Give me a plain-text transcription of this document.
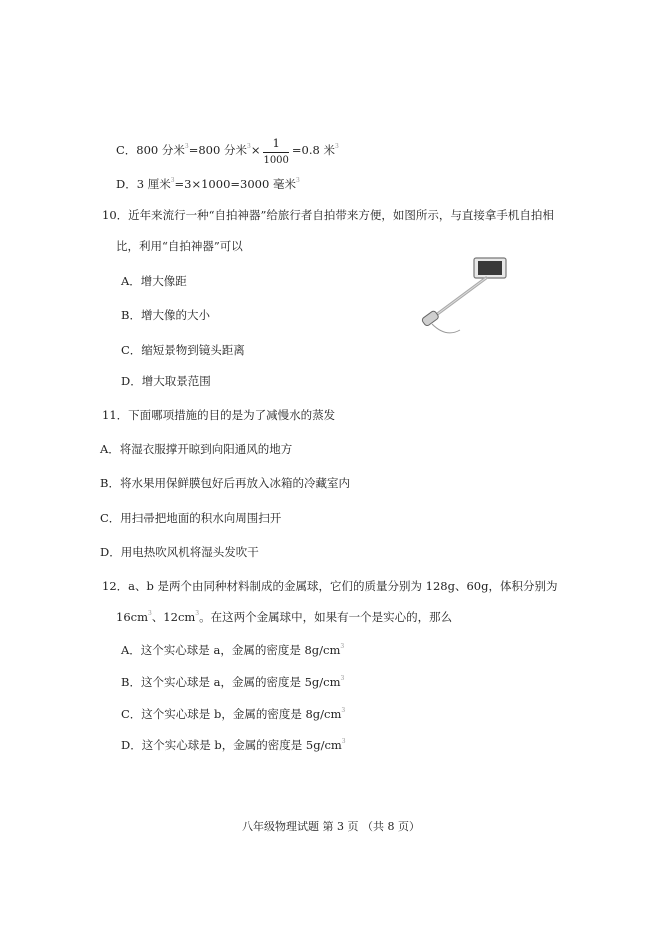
C．800 分米$^3$=800 分米$^3\times \frac{1}{1000} =0.8$ 米$^3$
D．3 厘米$^3$=3×1000=3000 毫米$^3$
10．近年来流行一种“自拍神器”给旅行者自拍带来方便，如图所示，与直接拿手机自拍相
比，利用“自拍神器”可以
A．增大像距
B．增大像的大小
C．缩短景物到镜头距离
D．增大取景范围
11．下面哪项措施的目的是为了减慢水的蒸发
A．将湿衣服撑开晾到向阳通风的地方
B．将水果用保鲜膜包好后再放入冰箱的冷藏室内
C．用扫帚把地面的积水向周围扫开
D．用电热吹风机将湿头发吹干
12．a、b 是两个由同种材料制成的金属球，它们的质量分别为 128g、60g，体积分别为
$16cm^3$、$12cm^3$。在这两个金属球中，如果有一个是实心的，那么
A．这个实心球是 a，金属的密度是 $8g/cm^3$
B．这个实心球是 a，金属的密度是 $5g/cm^3$
C．这个实心球是 b，金属的密度是 $8g/cm^3$
D．这个实心球是 b，金属的密度是 $5g/cm^3$
八年级物理试题 第 3 页 （共 8 页）
